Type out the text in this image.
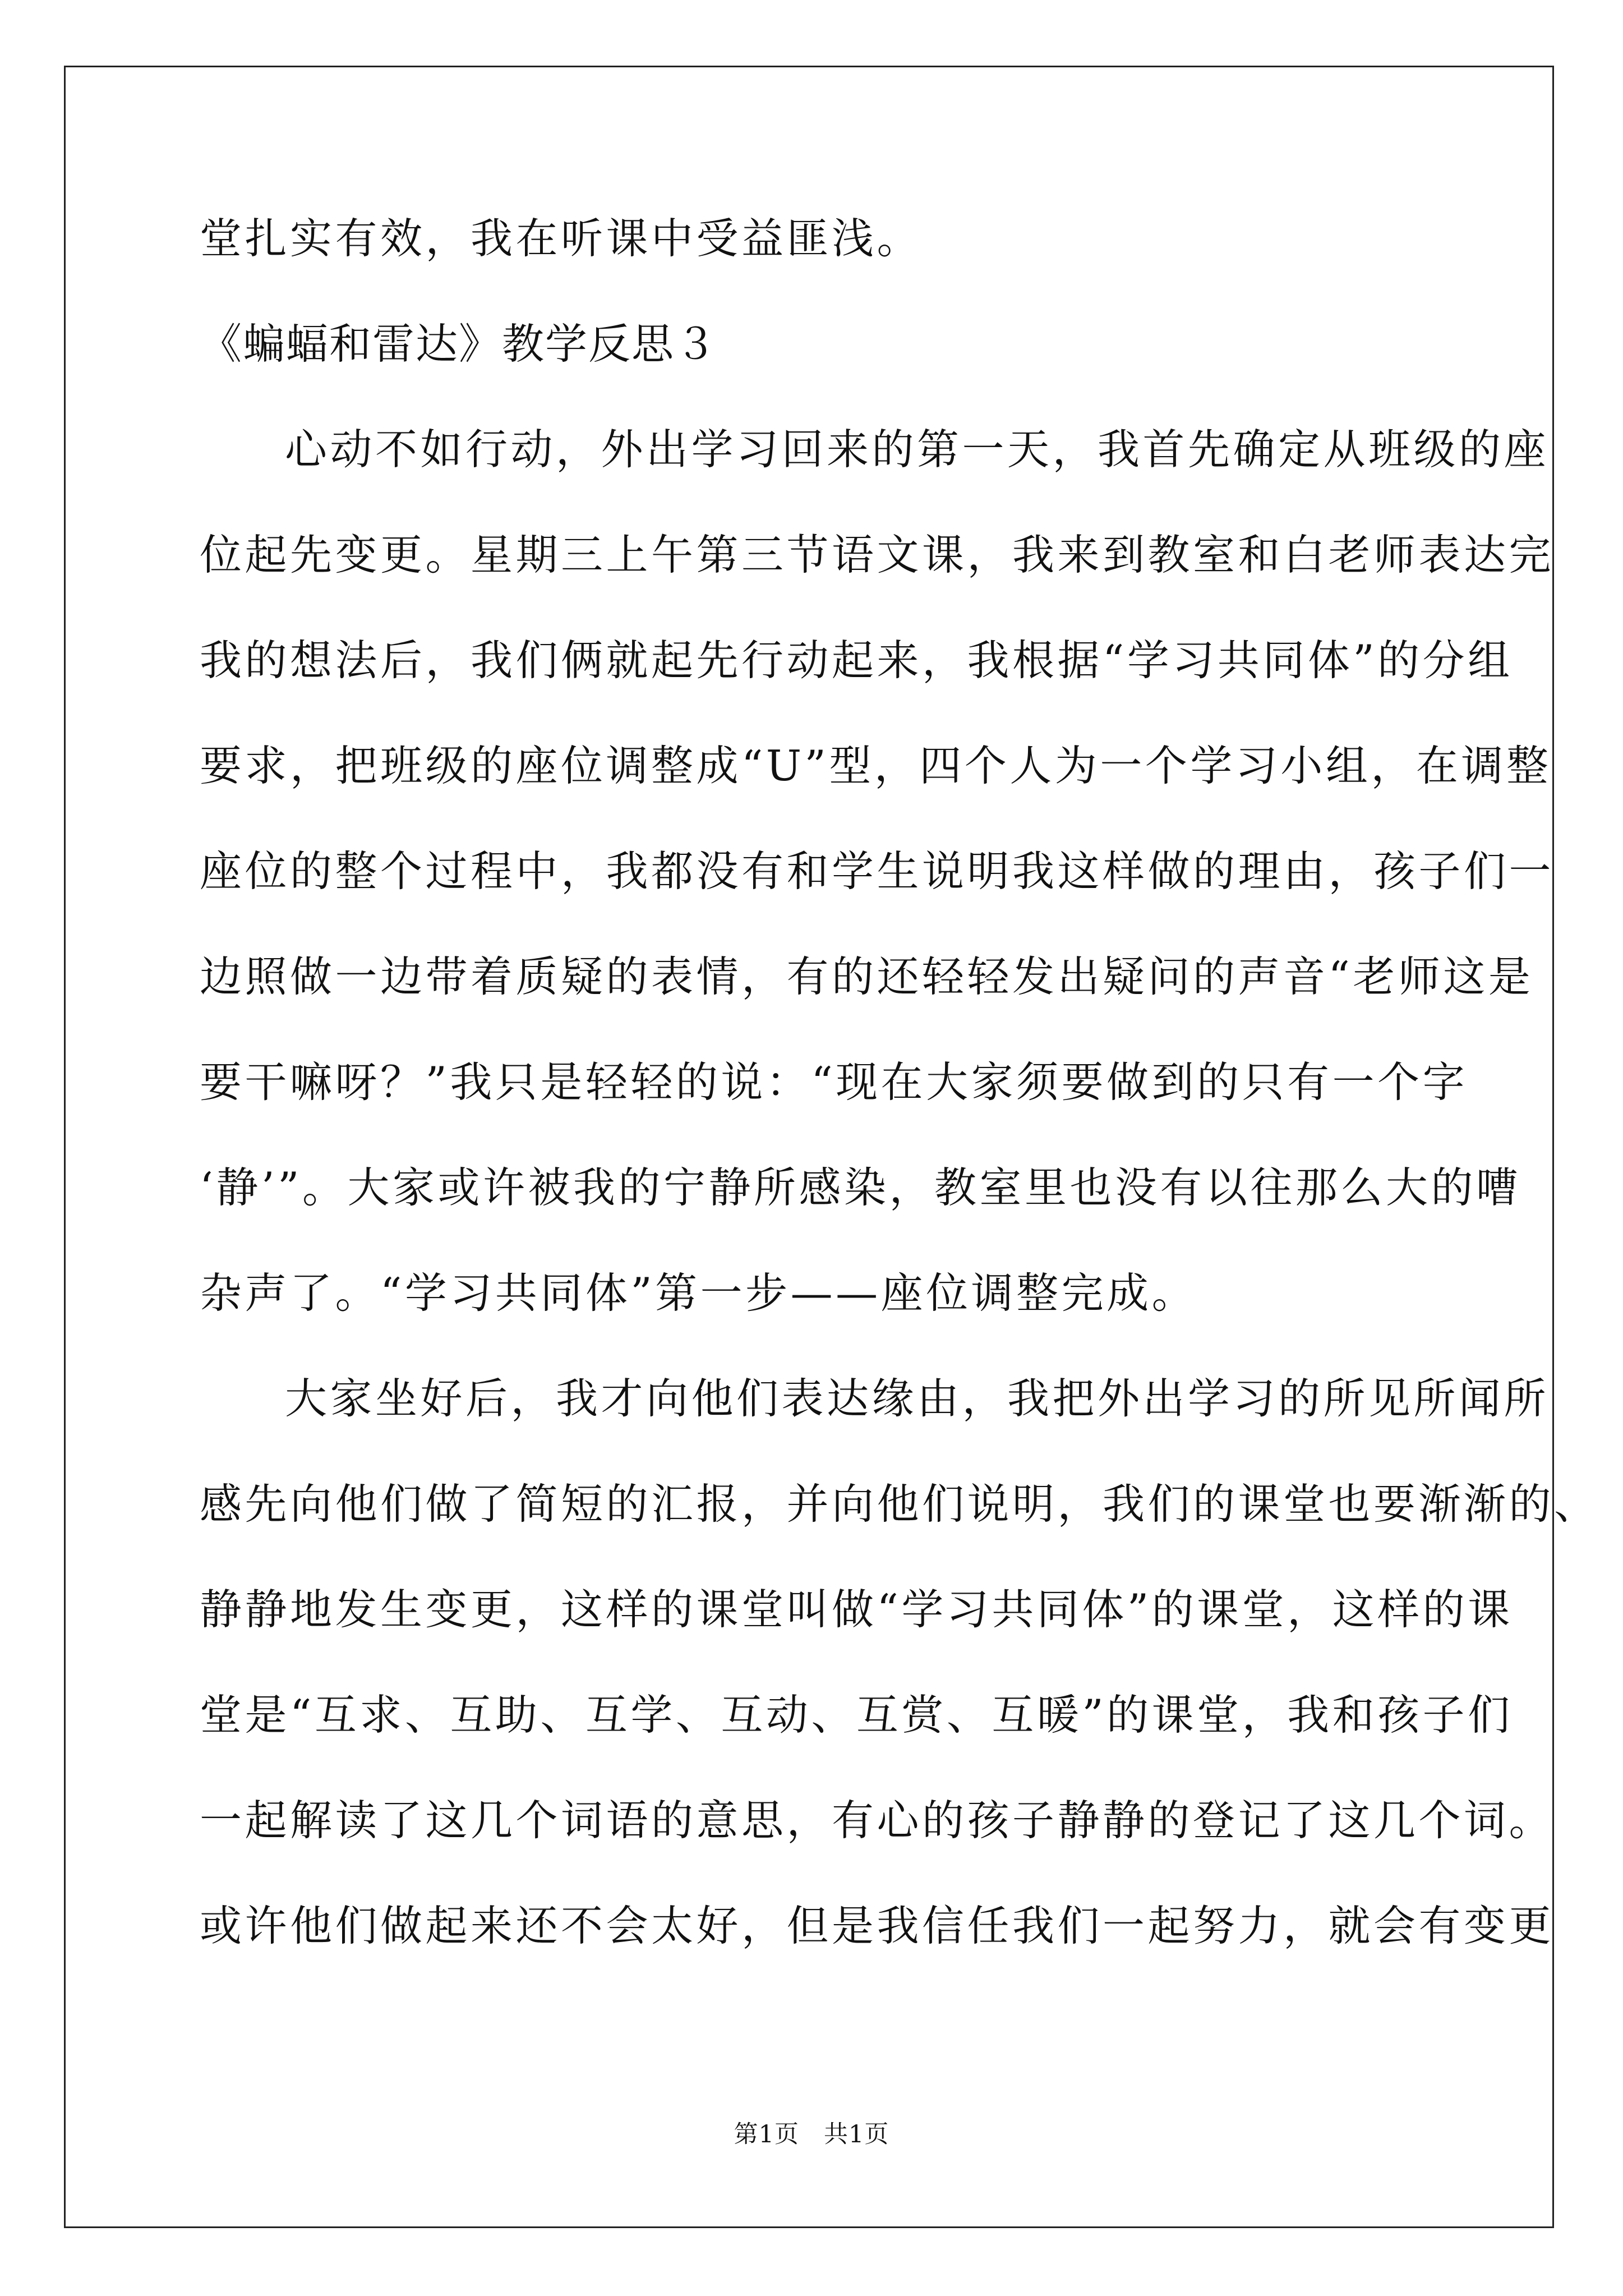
堂扎实有效，我在听课中受益匪浅。
《蝙蝠和雷达》教学反思３
心动不如行动，外出学习回来的第一天，我首先确定从班级的座
位起先变更。星期三上午第三节语文课，我来到教室和白老师表达完
我的想法后，我们俩就起先行动起来，我根据“学习共同体”的分组
要求，把班级的座位调整成“U”型，四个人为一个学习小组，在调整
座位的整个过程中，我都没有和学生说明我这样做的理由，孩子们一
边照做一边带着质疑的表情，有的还轻轻发出疑问的声音“老师这是
要干嘛呀？”我只是轻轻的说：“现在大家须要做到的只有一个字
‘静’”。大家或许被我的宁静所感染，教室里也没有以往那么大的嘈
杂声了。“学习共同体”第一步——座位调整完成。
大家坐好后，我才向他们表达缘由，我把外出学习的所见所闻所
感先向他们做了简短的汇报，并向他们说明，我们的课堂也要渐渐的、
静静地发生变更，这样的课堂叫做“学习共同体”的课堂，这样的课
堂是“互求、互助、互学、互动、互赏、互暖”的课堂，我和孩子们
一起解读了这几个词语的意思，有心的孩子静静的登记了这几个词。
或许他们做起来还不会太好，但是我信任我们一起努力，就会有变更
第1页　共1页
